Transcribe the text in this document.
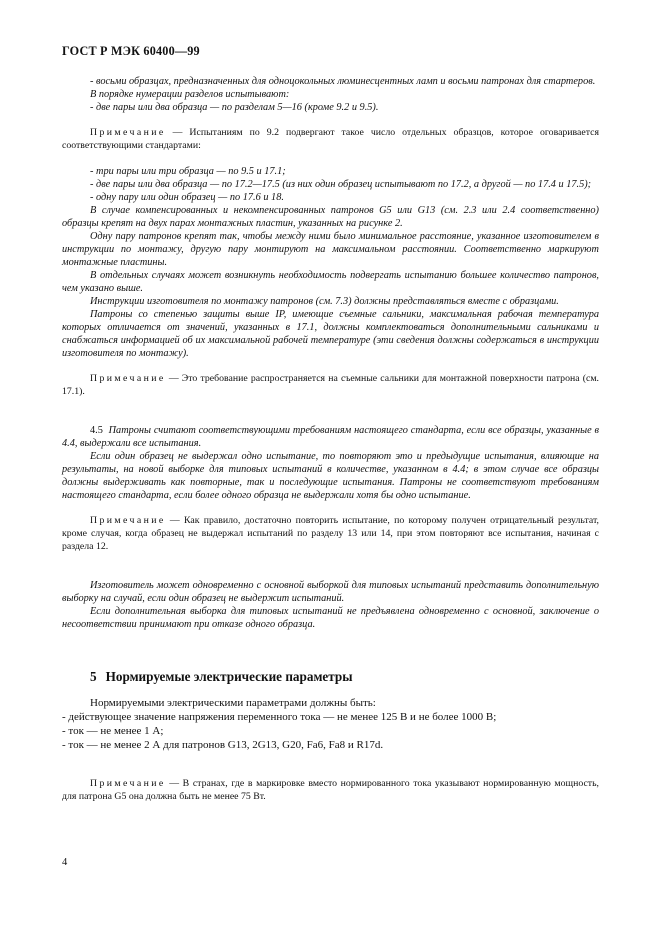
ГОСТ Р МЭК 60400—99

- восьми образцах, предназначенных для одноцокольных люминесцентных ламп и восьми патронах для стартеров.

В порядке нумерации разделов испытывают:

- две пары или два образца — по разделам 5—16 (кроме 9.2 и 9.5).

Примечание — Испытаниям по 9.2 подвергают такое число отдельных образцов, которое оговаривается соответствующими стандартами:

- три пары или три образца — по 9.5 и 17.1;

- две пары или два образца — по 17.2—17.5 (из них один образец испытывают по 17.2, а другой — по 17.4 и 17.5);

- одну пару или один образец — по 17.6 и 18.

В случае компенсированных и некомпенсированных патронов G5 или G13 (см. 2.3 или 2.4 соответственно) образцы крепят на двух парах монтажных пластин, указанных на рисунке 2.

Одну пару патронов крепят так, чтобы между ними было минимальное расстояние, указанное изготовителем в инструкции по монтажу, другую пару монтируют на максимальном расстоянии. Соответственно маркируют монтажные пластины.

В отдельных случаях может возникнуть необходимость подвергать испытанию большее количество патронов, чем указано выше.

Инструкции изготовителя по монтажу патронов (см. 7.3) должны представляться вместе с образцами.

Патроны со степенью защиты выше IP, имеющие съемные сальники, максимальная рабочая температура которых отличается от значений, указанных в 17.1, должны комплектоваться дополнительными сальниками и снабжаться информацией об их максимальной рабочей температуре (эти сведения должны содержаться в инструкции изготовителя по монтажу).

Примечание — Это требование распространяется на съемные сальники для монтажной поверхности патрона (см. 17.1).

4.5 Патроны считают соответствующими требованиям настоящего стандарта, если все образцы, указанные в 4.4, выдержали все испытания.

Если один образец не выдержал одно испытание, то повторяют это и предыдущие испытания, влияющие на результаты, на новой выборке для типовых испытаний в количестве, указанном в 4.4; в этом случае все образцы должны выдерживать как повторные, так и последующие испытания. Патроны не соответствуют требованиям настоящего стандарта, если более одного образца не выдержали хотя бы одно испытание.

Примечание — Как правило, достаточно повторить испытание, по которому получен отрицательный результат, кроме случая, когда образец не выдержал испытаний по разделу 13 или 14, при этом повторяют все испытания, начиная с раздела 12.

Изготовитель может одновременно с основной выборкой для типовых испытаний представить дополнительную выборку на случай, если один образец не выдержит испытаний.

Если дополнительная выборка для типовых испытаний не предъявлена одновременно с основной, заключение о несоответствии принимают при отказе одного образца.

5 Нормируемые электрические параметры

Нормируемыми электрическими параметрами должны быть:

- действующее значение напряжения переменного тока — не менее 125 В и не более 1000 В;

- ток — не менее 1 А;

- ток — не менее 2 А для патронов G13, 2G13, G20, Fa6, Fa8 и R17d.

Примечание — В странах, где в маркировке вместо нормированного тока указывают нормированную мощность, для патрона G5 она должна быть не менее 75 Вт.

4
